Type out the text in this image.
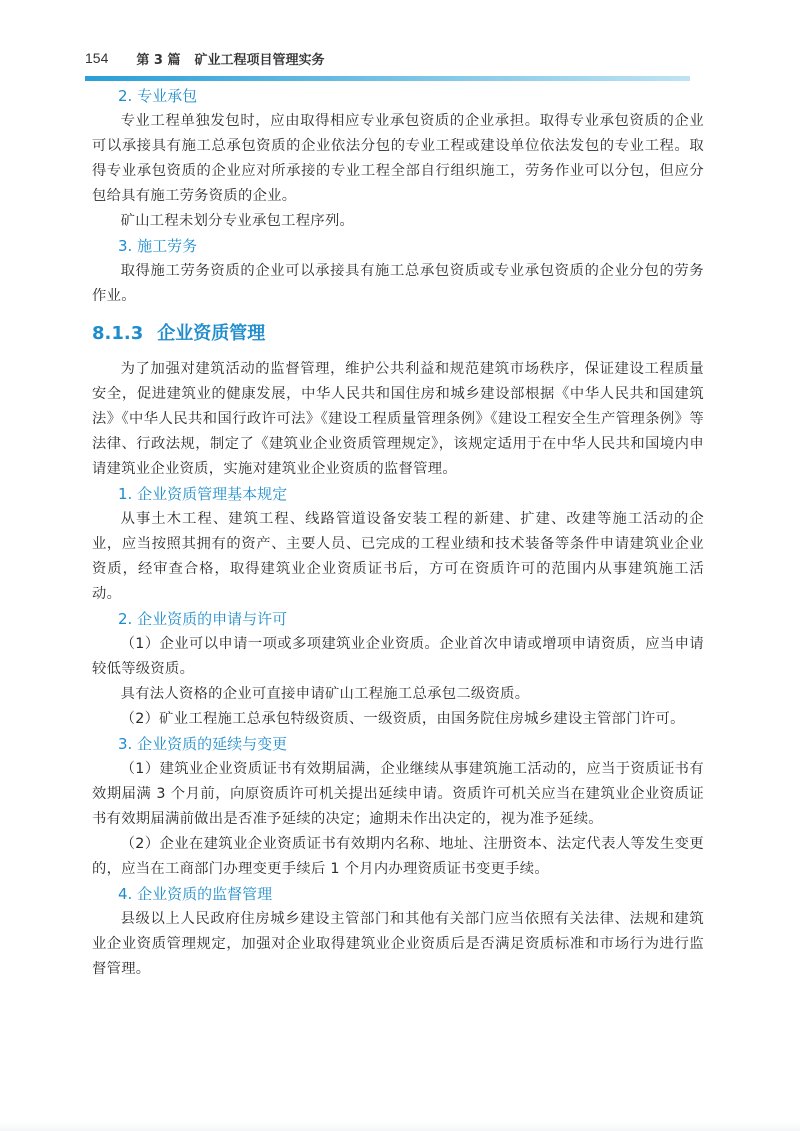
154 第 3 篇 矿业工程项目管理实务
2. 专业承包

专业工程单独发包时，应由取得相应专业承包资质的企业承担。取得专业承包资质的企业可以承接具有施工总承包资质的企业依法分包的专业工程或建设单位依法发包的专业工程。取得专业承包资质的企业应对所承接的专业工程全部自行组织施工，劳务作业可以分包，但应分包给具有施工劳务资质的企业。

矿山工程未划分专业承包工程序列。

3. 施工劳务

取得施工劳务资质的企业可以承接具有施工总承包资质或专业承包资质的企业分包的劳务作业。

8.1.3 企业资质管理

为了加强对建筑活动的监督管理，维护公共利益和规范建筑市场秩序，保证建设工程质量安全，促进建筑业的健康发展，中华人民共和国住房和城乡建设部根据《中华人民共和国建筑法》《中华人民共和国行政许可法》《建设工程质量管理条例》《建设工程安全生产管理条例》等法律、行政法规，制定了《建筑业企业资质管理规定》，该规定适用于在中华人民共和国境内申请建筑业企业资质，实施对建筑业企业资质的监督管理。

1. 企业资质管理基本规定

从事土木工程、建筑工程、线路管道设备安装工程的新建、扩建、改建等施工活动的企业，应当按照其拥有的资产、主要人员、已完成的工程业绩和技术装备等条件申请建筑业企业资质，经审查合格，取得建筑业企业资质证书后，方可在资质许可的范围内从事建筑施工活动。

2. 企业资质的申请与许可

（1）企业可以申请一项或多项建筑业企业资质。企业首次申请或增项申请资质，应当申请较低等级资质。

具有法人资格的企业可直接申请矿山工程施工总承包二级资质。

（2）矿业工程施工总承包特级资质、一级资质，由国务院住房城乡建设主管部门许可。

3. 企业资质的延续与变更

（1）建筑业企业资质证书有效期届满，企业继续从事建筑施工活动的，应当于资质证书有效期届满 3 个月前，向原资质许可机关提出延续申请。资质许可机关应当在建筑业企业资质证书有效期届满前做出是否准予延续的决定；逾期未作出决定的，视为准予延续。

（2）企业在建筑业企业资质证书有效期内名称、地址、注册资本、法定代表人等发生变更的，应当在工商部门办理变更手续后 1 个月内办理资质证书变更手续。

4. 企业资质的监督管理

县级以上人民政府住房城乡建设主管部门和其他有关部门应当依照有关法律、法规和建筑业企业资质管理规定，加强对企业取得建筑业企业资质后是否满足资质标准和市场行为进行监督管理。
